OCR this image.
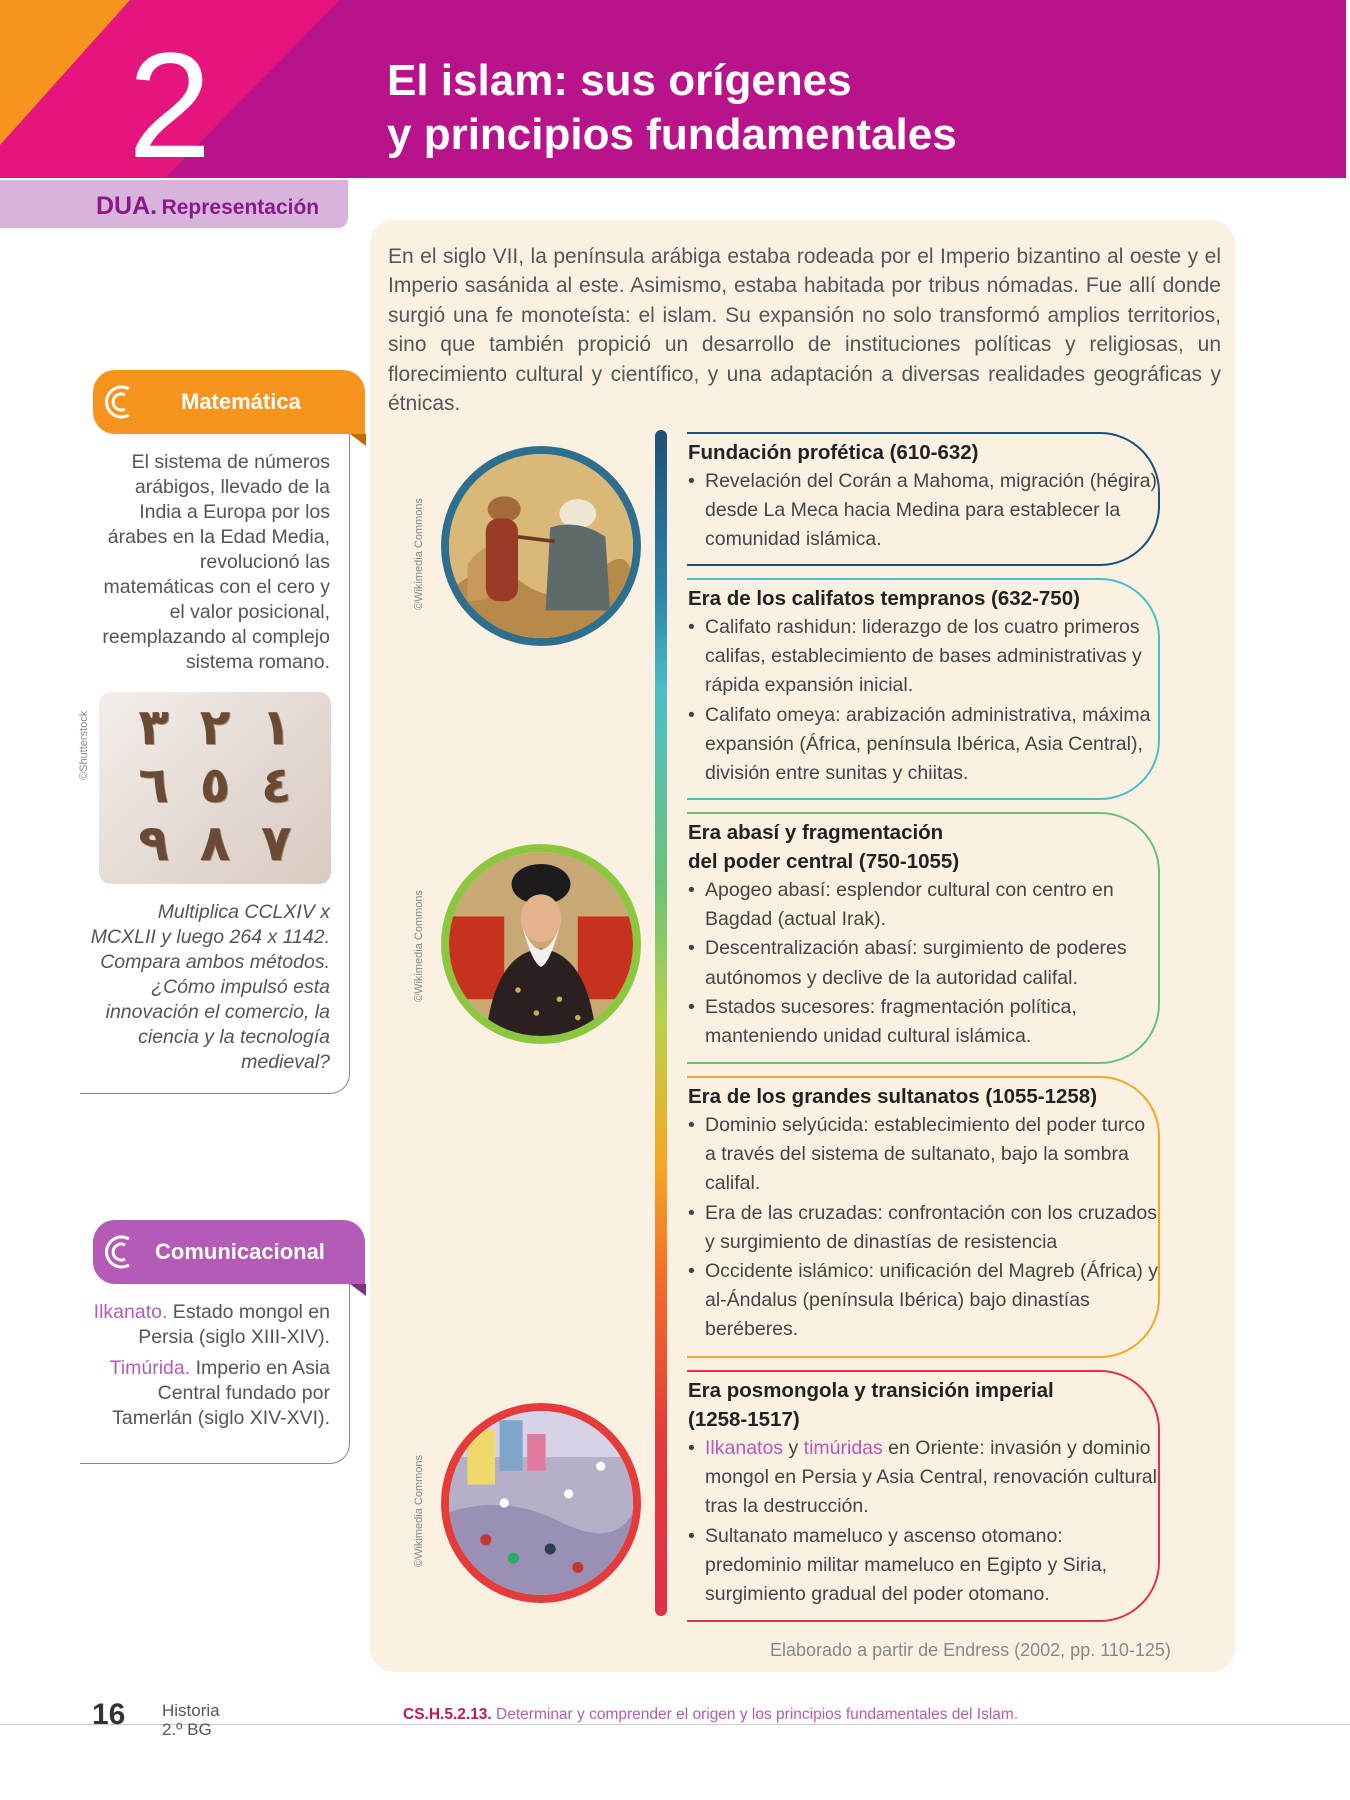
2	El islam: sus orígenes
y principios fundamentales
DUA. Representación
Matemática
El sistema de números arábigos, llevado de la India a Europa por los árabes en la Edad Media, revolucionó las matemáticas con el cero y el valor posicional, reemplazando al complejo sistema romano.
©Shutterstock ٣ ٢ ١
٦ ٥ ٤
٩ ٨ ٧
Multiplica CCLXIV x MCXLII y luego 264 x 1142. Compara ambos métodos. ¿Cómo impulsó esta innovación el comercio, la ciencia y la tecnología medieval?
Comunicacional

Ilkanato. Estado mongol en Persia (siglo XIII-XIV).

Timúrida. Imperio en Asia Central fundado por Tamerlán (siglo XIV-XVI).

En el siglo VII, la península arábiga estaba rodeada por el Imperio bizantino al oeste y el Imperio sasánida al este. Asimismo, estaba habitada por tribus nómadas. Fue allí donde surgió una fe monoteísta: el islam. Su expansión no solo transformó amplios territorios, sino que también propició un desarrollo de instituciones políticas y religiosas, un florecimiento cultural y científico, y una adaptación a diversas realidades geográficas y étnicas.
©Wikimedia Commons
©Wikimedia Commons
©Wikimedia Commons
Fundación profética (610-632)
• Revelación del Corán a Mahoma, migración (hégira) desde La Meca hacia Medina para establecer la comunidad islámica.
Era de los califatos tempranos (632-750)
• Califato rashidun: liderazgo de los cuatro primeros califas, establecimiento de bases administrativas y rápida expansión inicial.
• Califato omeya: arabización administrativa, máxima expansión (África, península Ibérica, Asia Central), división entre sunitas y chiitas.
Era abasí y fragmentación
del poder central (750-1055)
• Apogeo abasí: esplendor cultural con centro en Bagdad (actual Irak).
• Descentralización abasí: surgimiento de poderes autónomos y declive de la autoridad califal.
• Estados sucesores: fragmentación política, manteniendo unidad cultural islámica.
Era de los grandes sultanatos (1055-1258)
• Dominio selyúcida: establecimiento del poder turco a través del sistema de sultanato, bajo la sombra califal.
• Era de las cruzadas: confrontación con los cruzados y surgimiento de dinastías de resistencia
• Occidente islámico: unificación del Magreb (África) y al-Ándalus (península Ibérica) bajo dinastías beréberes.
Era posmongola y transición imperial
(1258-1517)
• Ilkanatos y timúridas en Oriente: invasión y dominio mongol en Persia y Asia Central, renovación cultural tras la destrucción.
• Sultanato mameluco y ascenso otomano: predominio militar mameluco en Egipto y Siria, surgimiento gradual del poder otomano.
Elaborado a partir de Endress (2002, pp. 110-125)
16 Historia
2.º BG
CS.H.5.2.13. Determinar y comprender el origen y los principios fundamentales del Islam.
